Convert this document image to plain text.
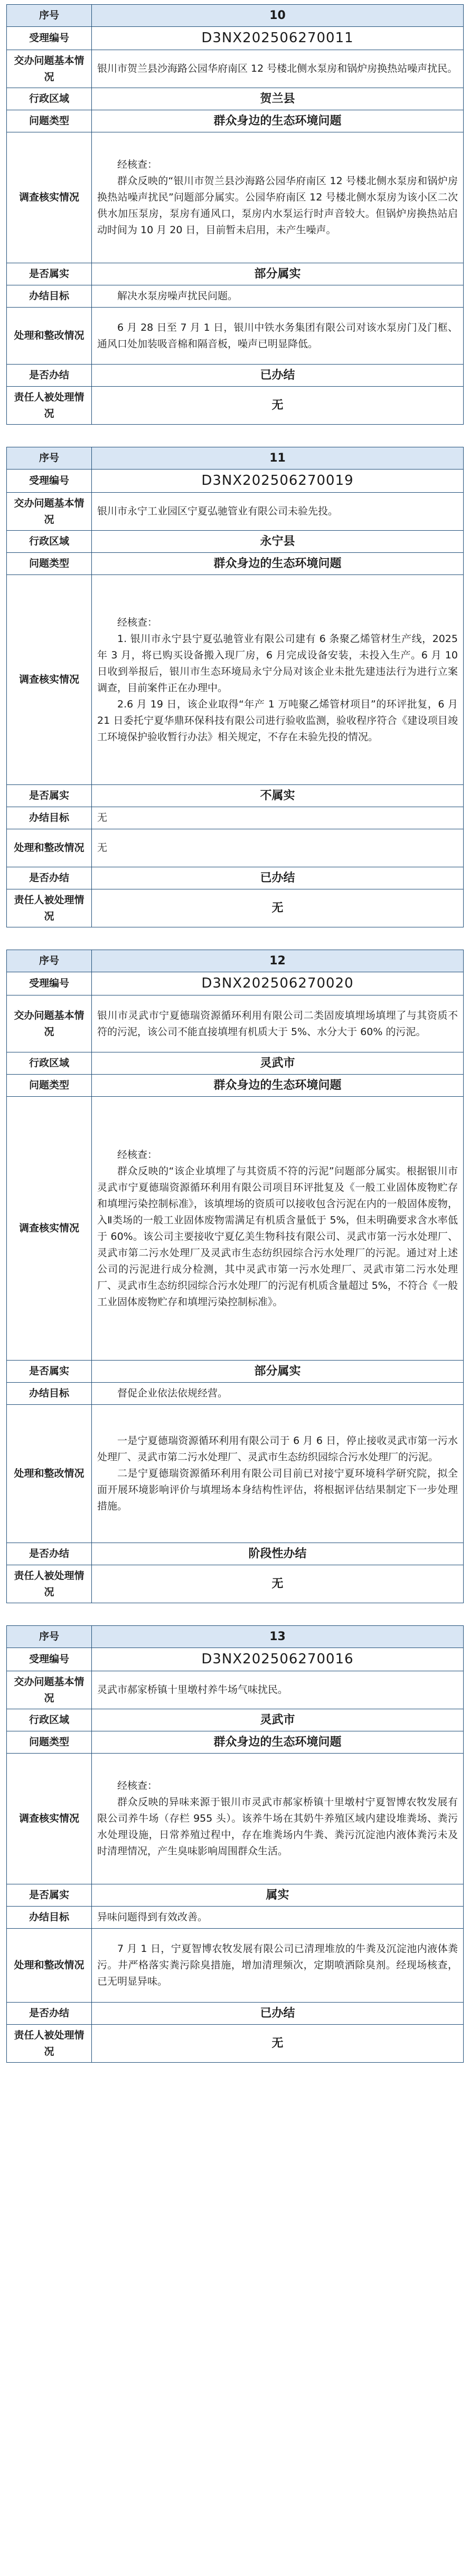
序号	10
受理编号	D3NX202506270011
交办问题基本情况	银川市贺兰县沙海路公园华府南区 12 号楼北侧水泵房和锅炉房换热站噪声扰民。
行政区域	贺兰县
问题类型	群众身边的生态环境问题
调查核实情况	经核查：

群众反映的“银川市贺兰县沙海路公园华府南区 12 号楼北侧水泵房和锅炉房换热站噪声扰民”问题部分属实。公园华府南区 12 号楼北侧水泵房为该小区二次供水加压泵房，泵房有通风口，泵房内水泵运行时声音较大。但锅炉房换热站启动时间为 10 月 20 日，目前暂未启用，未产生噪声。

是否属实	部分属实
办结目标	解决水泵房噪声扰民问题。

处理和整改情况	6 月 28 日至 7 月 1 日，银川中铁水务集团有限公司对该水泵房门及门框、通风口处加装吸音棉和隔音板，噪声已明显降低。

是否办结	已办结
责任人被处理情况	无
序号	11
受理编号	D3NX202506270019
交办问题基本情况	银川市永宁工业园区宁夏弘驰管业有限公司未验先投。
行政区域	永宁县
问题类型	群众身边的生态环境问题
调查核实情况	经核查：

1. 银川市永宁县宁夏弘驰管业有限公司建有 6 条聚乙烯管材生产线，2025 年 3 月，将已购买设备搬入现厂房，6 月完成设备安装，未投入生产。6 月 10 日收到举报后，银川市生态环境局永宁分局对该企业未批先建违法行为进行立案调查，目前案件正在办理中。

2.6 月 19 日，该企业取得“年产 1 万吨聚乙烯管材项目”的环评批复，6 月 21 日委托宁夏华鼎环保科技有限公司进行验收监测，验收程序符合《建设项目竣工环境保护验收暂行办法》相关规定，不存在未验先投的情况。

是否属实	不属实
办结目标	无

处理和整改情况	无

是否办结	已办结
责任人被处理情况	无
序号	12
受理编号	D3NX202506270020
交办问题基本情况	银川市灵武市宁夏德瑞资源循环利用有限公司二类固废填埋场填埋了与其资质不符的污泥，该公司不能直接填埋有机质大于 5%、水分大于 60% 的污泥。
行政区域	灵武市
问题类型	群众身边的生态环境问题
调查核实情况	经核查：

群众反映的“该企业填埋了与其资质不符的污泥”问题部分属实。根据银川市灵武市宁夏德瑞资源循环利用有限公司项目环评批复及《一般工业固体废物贮存和填埋污染控制标准》，该填埋场的资质可以接收包含污泥在内的一般固体废物，入Ⅱ类场的一般工业固体废物需满足有机质含量低于 5%，但未明确要求含水率低于 60%。该公司主要接收宁夏亿美生物科技有限公司、灵武市第一污水处理厂、灵武市第二污水处理厂及灵武市生态纺织园综合污水处理厂的污泥。通过对上述公司的污泥进行成分检测，其中灵武市第一污水处理厂、灵武市第二污水处理厂、灵武市生态纺织园综合污水处理厂的污泥有机质含量超过 5%，不符合《一般工业固体废物贮存和填埋污染控制标准》。

是否属实	部分属实
办结目标	督促企业依法依规经营。

处理和整改情况	一是宁夏德瑞资源循环利用有限公司于 6 月 6 日，停止接收灵武市第一污水处理厂、灵武市第二污水处理厂、灵武市生态纺织园综合污水处理厂的污泥。

二是宁夏德瑞资源循环利用有限公司目前已对接宁夏环境科学研究院，拟全面开展环境影响评价与填埋场本身结构性评估，将根据评估结果制定下一步处理措施。

是否办结	阶段性办结
责任人被处理情况	无
序号	13
受理编号	D3NX202506270016
交办问题基本情况	灵武市郝家桥镇十里墩村养牛场气味扰民。
行政区域	灵武市
问题类型	群众身边的生态环境问题
调查核实情况	经核查：

群众反映的异味来源于银川市灵武市郝家桥镇十里墩村宁夏智博农牧发展有限公司养牛场（存栏 955 头）。该养牛场在其奶牛养殖区域内建设堆粪场、粪污水处理设施，日常养殖过程中，存在堆粪场内牛粪、粪污沉淀池内液体粪污未及时清理情况，产生臭味影响周围群众生活。

是否属实	属实
办结目标	异味问题得到有效改善。

处理和整改情况	7 月 1 日，宁夏智博农牧发展有限公司已清理堆放的牛粪及沉淀池内液体粪污。井严格落实粪污除臭措施，增加清理频次，定期喷洒除臭剂。经现场核查，已无明显异味。

是否办结	已办结
责任人被处理情况	无
